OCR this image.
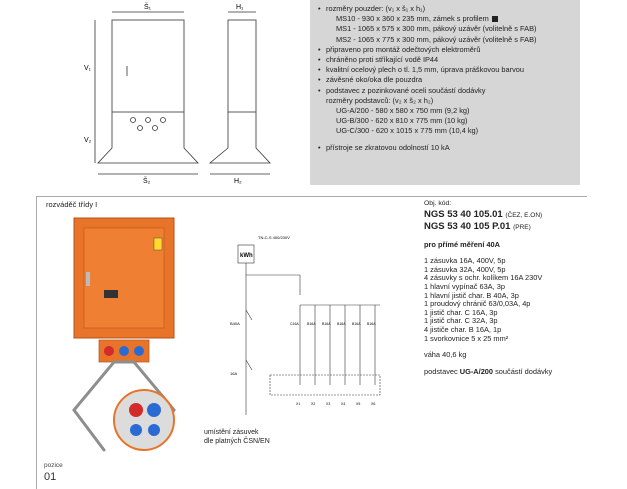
Š₁	H₁
V₁
V₂
Š₂	H₂
• rozměry pouzder: (v₁ x š₁ x h₁)
MS10 - 930 x 360 x 235 mm, zámek s profilem
MS1 - 1065 x 575 x 300 mm, pákový uzávěr (volitelně s FAB)
MS2 - 1065 x 775 x 300 mm, pákový uzávěr (volitelně s FAB)
• připraveno pro montáž odečtových elektroměrů
• chráněno proti stříkající vodě IP44
• kvalitní ocelový plech o tl. 1,5 mm, úprava práškovou barvou
• závěsné oko/oka dle pouzdra
• podstavec z pozinkované oceli součástí dodávky
rozměry podstavců: (v₂ x š₂ x h₂)
UG-A/200 - 580 x 580 x 750 mm (9,2 kg)
UG-B/300 - 620 x 810 x 775 mm (10 kg)
UG-C/300 - 620 x 1015 x 775 mm (10,4 kg)
• přístroje se zkratovou odolností 10 kA
rozváděč třídy I
kWh
TN-C-S 400/230V
B40A
16A
C16A B16A B16A B16A B16A B16A
X1	X2	X3	X4	X5	X6
umístění zásuvek
dle platných ČSN/EN
pozice
01
Obj. kód:
NGS 53 40 105.01 (ČEZ, E.ON)
NGS 53 40 105 P.01 (PRE)
pro přímé měření 40A
1 zásuvka 16A, 400V, 5p
1 zásuvka 32A, 400V, 5p
4 zásuvky s ochr. kolíkem 16A 230V
1 hlavní vypínač 63A, 3p
1 hlavní jistič char. B 40A, 3p
1 proudový chránič 63/0,03A, 4p
1 jistič char. C 16A, 3p
1 jistič char. C 32A, 3p
4 jističe char. B 16A, 1p
1 svorkovnice 5 x 25 mm²
váha 40,6 kg
podstavec UG-A/200 součástí dodávky
